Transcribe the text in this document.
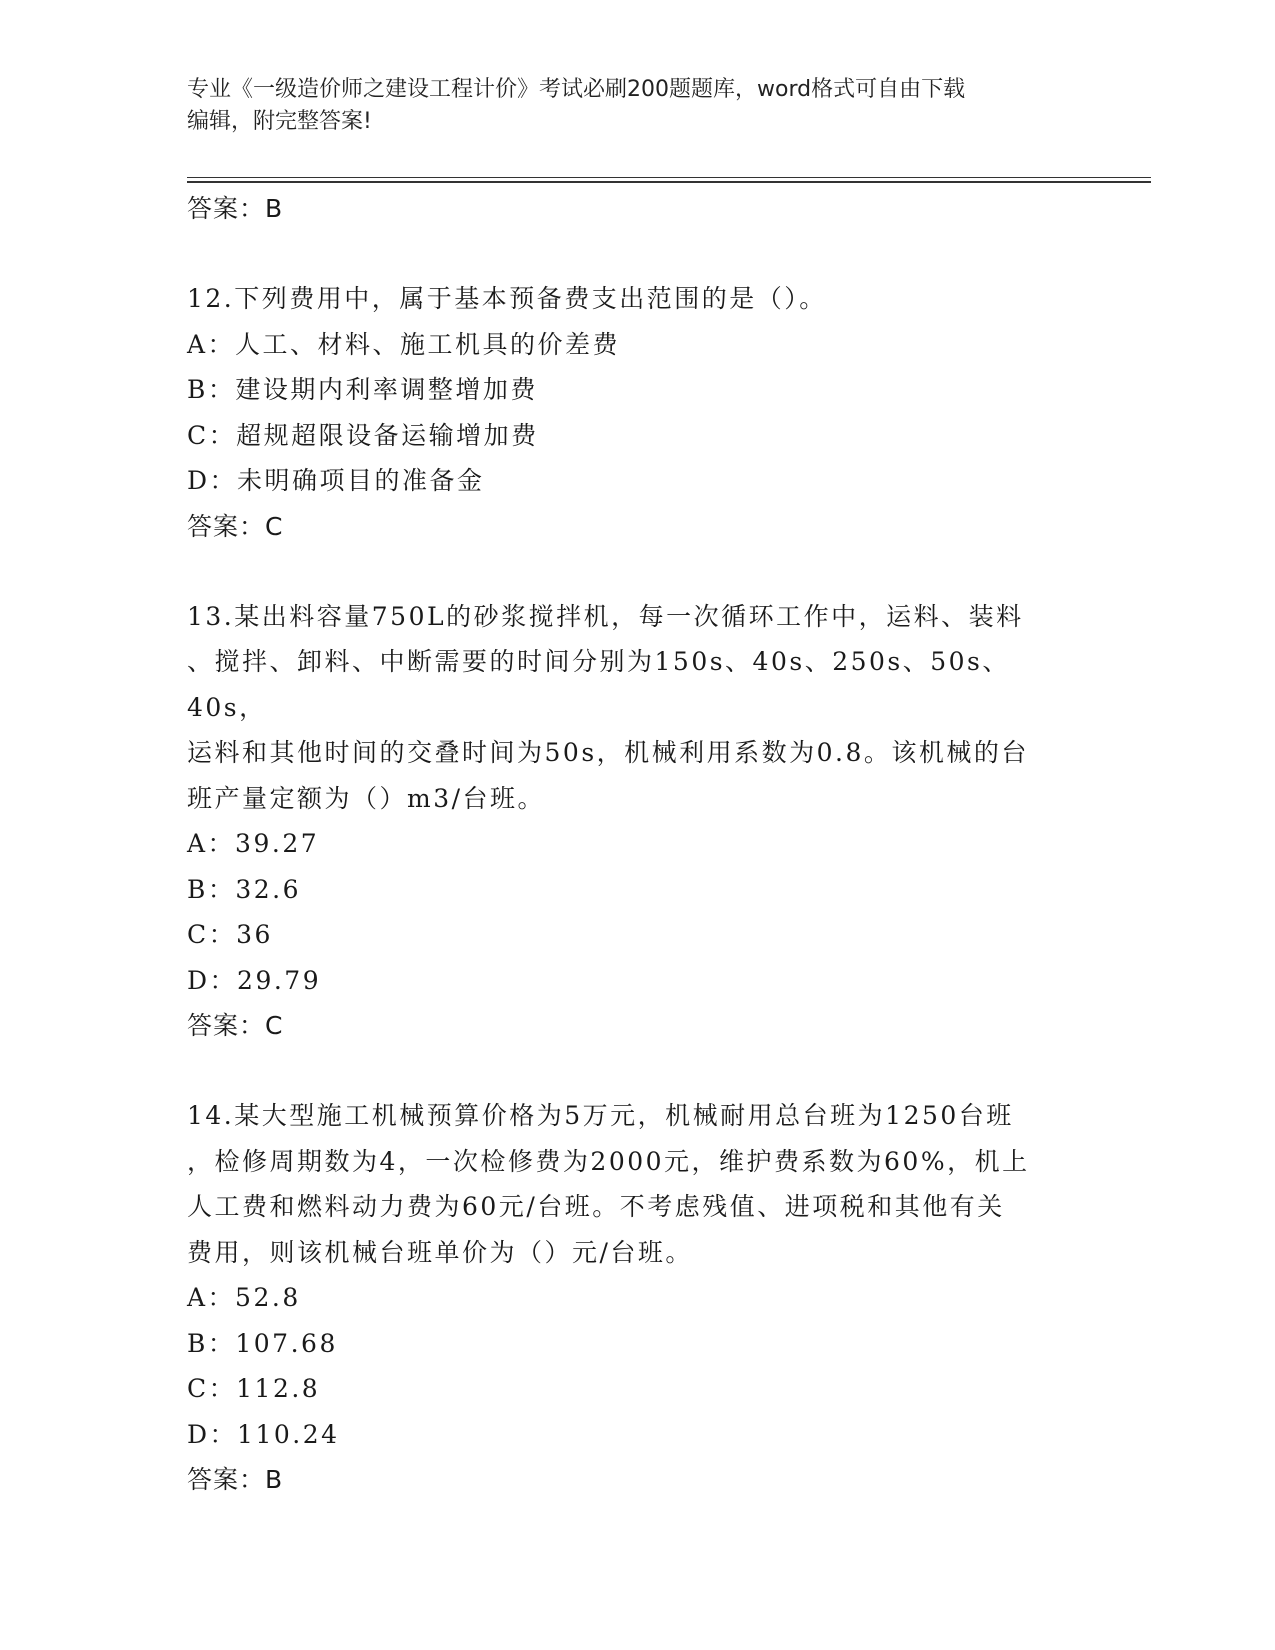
专业《一级造价师之建设工程计价》考试必刷200题题库，word格式可自由下载
编辑，附完整答案!
答案：B
12.下列费用中，属于基本预备费支出范围的是（）。
A：人工、材料、施工机具的价差费
B：建设期内利率调整增加费
C：超规超限设备运输增加费
D：未明确项目的准备金
答案：C
13.某出料容量750L的砂浆搅拌机，每一次循环工作中，运料、装料
、搅拌、卸料、中断需要的时间分别为150s、40s、250s、50s、40s，
运料和其他时间的交叠时间为50s，机械利用系数为0.8。该机械的台
班产量定额为（）m3/台班。
A：39.27
B：32.6
C：36
D：29.79
答案：C
14.某大型施工机械预算价格为5万元，机械耐用总台班为1250台班
，检修周期数为4，一次检修费为2000元，维护费系数为60%，机上
人工费和燃料动力费为60元/台班。不考虑残值、进项税和其他有关
费用，则该机械台班单价为（）元/台班。
A：52.8
B：107.68
C：112.8
D：110.24
答案：B
